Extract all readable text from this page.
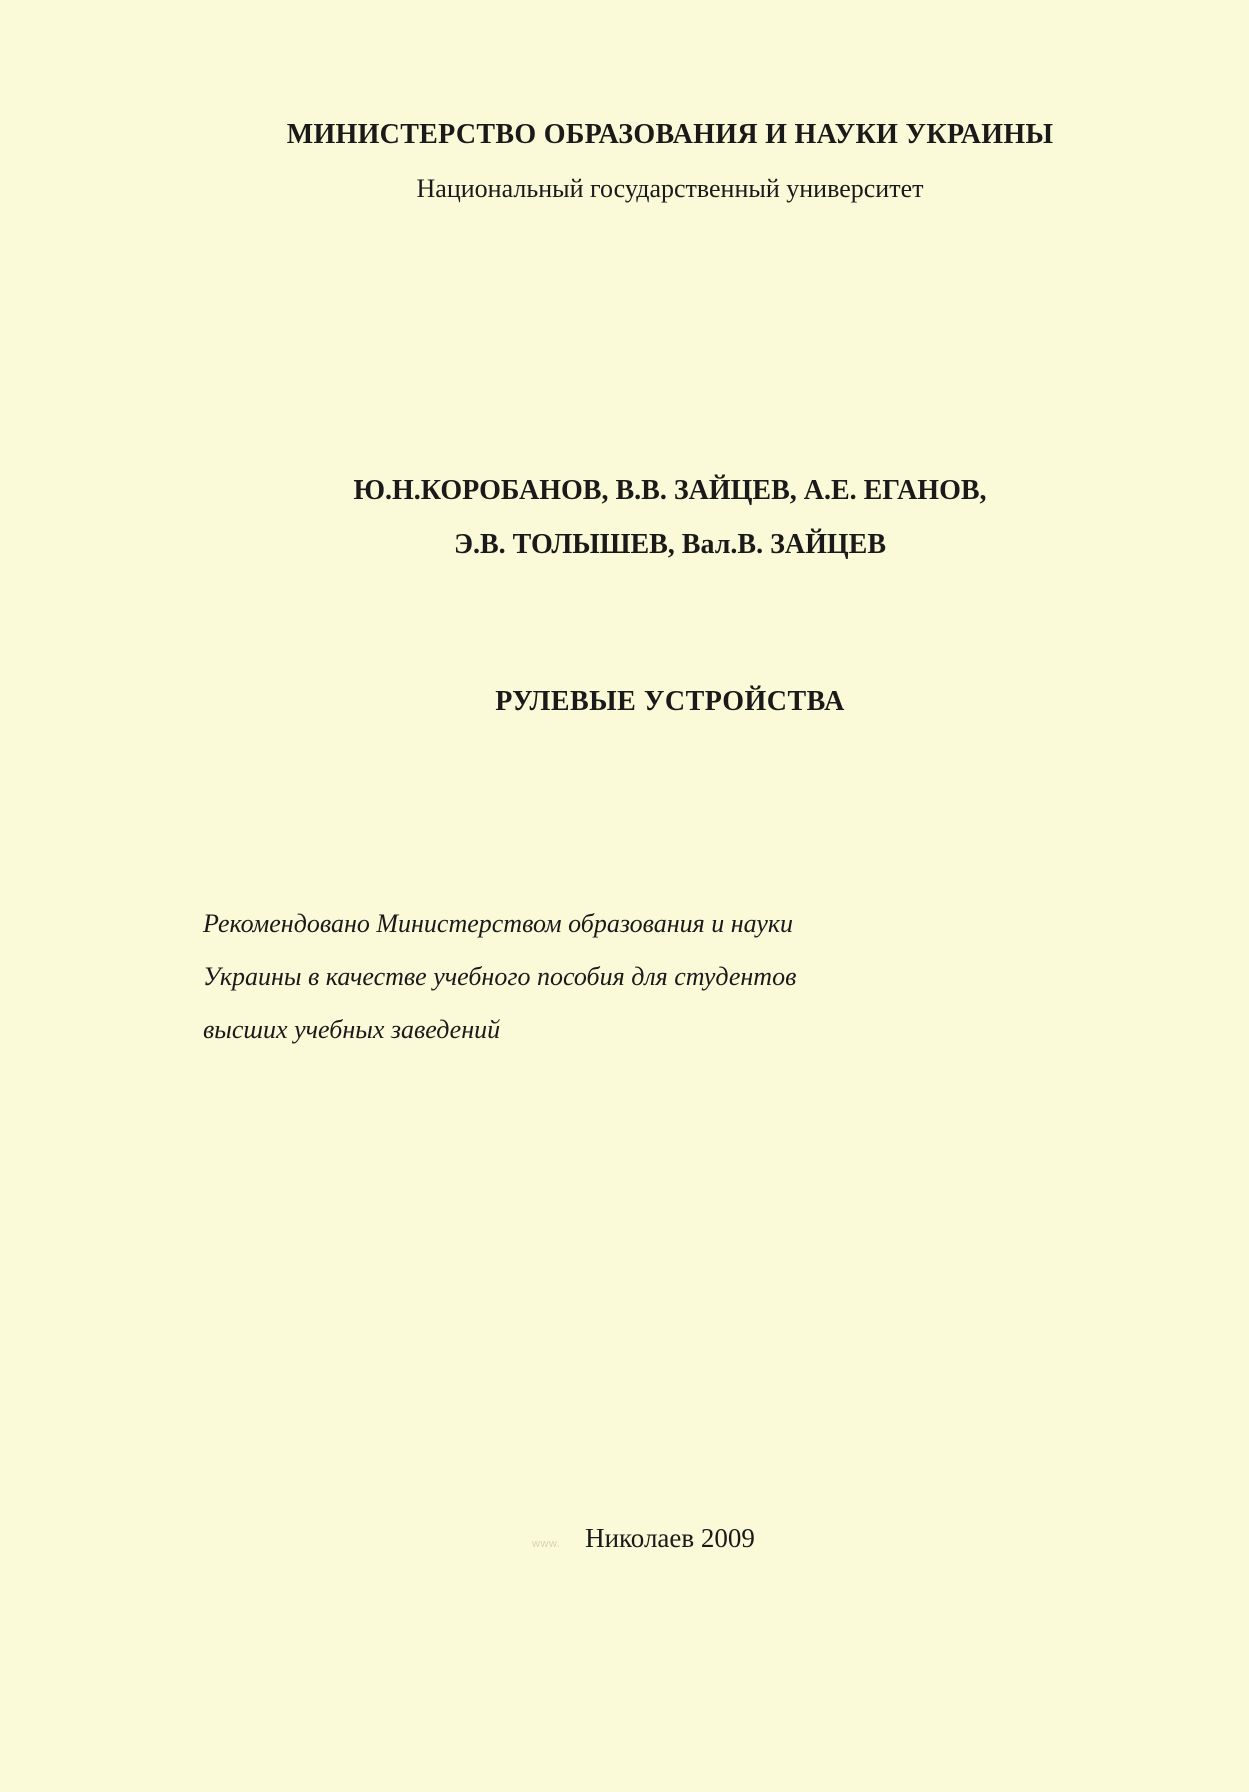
МИНИСТЕРСТВО ОБРАЗОВАНИЯ И НАУКИ УКРАИНЫ
Национальный государственный университет
Ю.Н.КОРОБАНОВ, В.В. ЗАЙЦЕВ, А.Е. ЕГАНОВ,
Э.В. ТОЛЫШЕВ, Вал.В. ЗАЙЦЕВ
РУЛЕВЫЕ УСТРОЙСТВА
Рекомендовано Министерством образования и науки
Украины в качестве учебного пособия для студентов
высших учебных заведений
www. Николаев 2009
